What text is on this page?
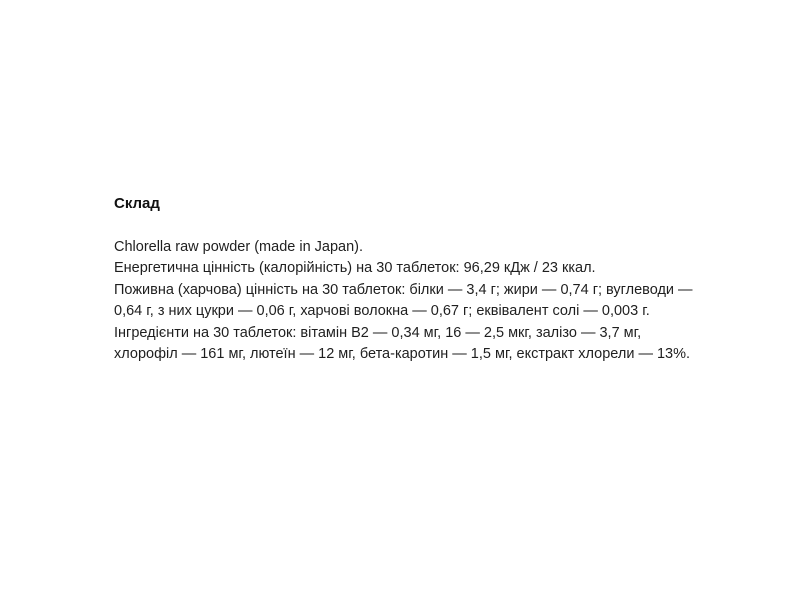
Склад

Chlorella raw powder (made in Japan).

Енергетична цінність (калорійність) на 30 таблеток: 96,29 кДж / 23 ккал.

Поживна (харчова) цінність на 30 таблеток: білки — 3,4 г; жири — 0,74 г; вуглеводи — 0,64 г, з них цукри — 0,06 г, харчові волокна — 0,67 г; еквівалент солі — 0,003 г.

Інгредієнти на 30 таблеток: вітамін B2 — 0,34 мг, 16 — 2,5 мкг, залізо — 3,7 мг, хлорофіл — 161 мг, лютеїн — 12 мг, бета-каротин — 1,5 мг, екстракт хлорели — 13%.
